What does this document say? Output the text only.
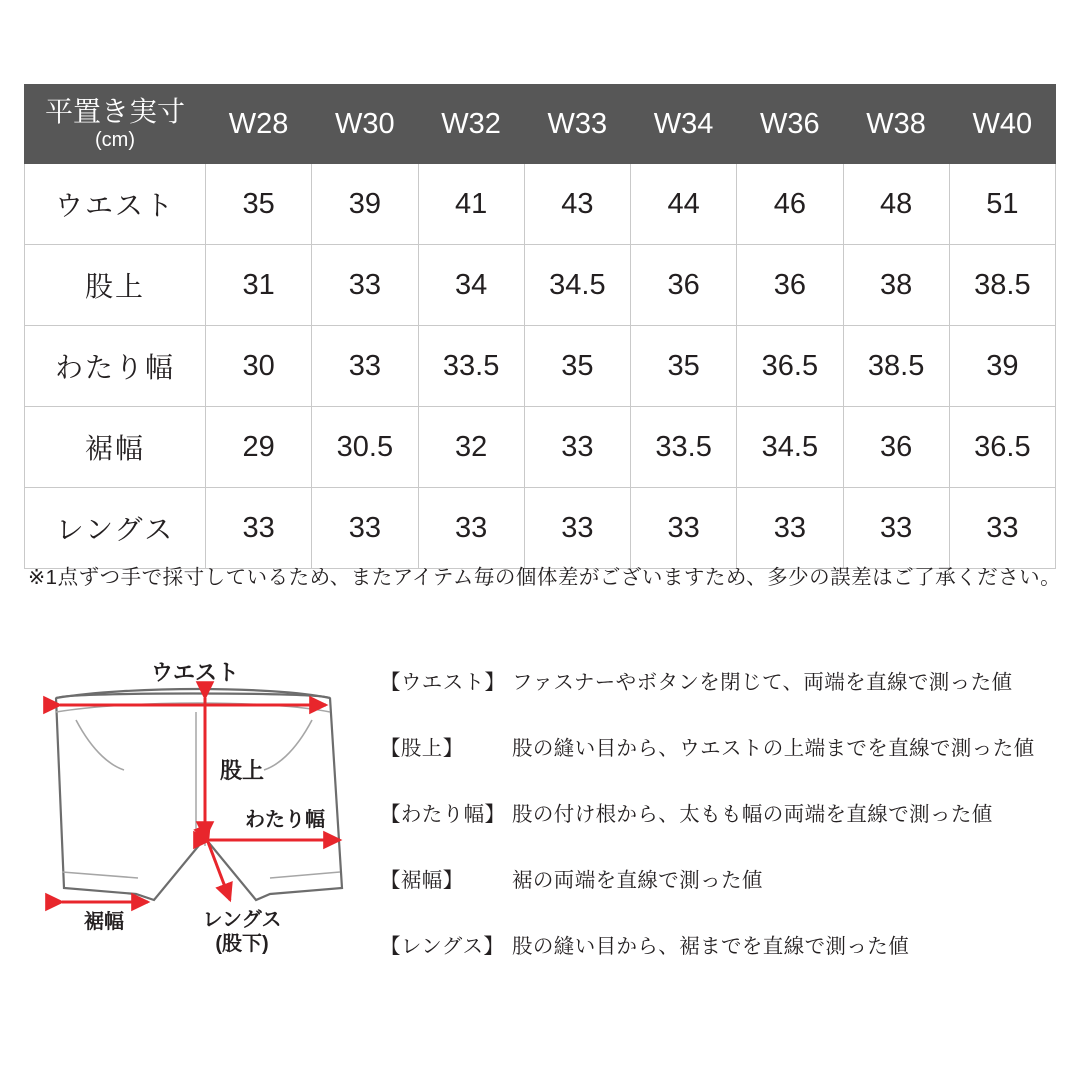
平置き実寸
(cm)	W28	W30	W32	W33	W34	W36	W38	W40
ウエスト	35	39	41	43	44	46	48	51
股上	31	33	34	34.5	36	36	38	38.5
わたり幅	30	33	33.5	35	35	36.5	38.5	39
裾幅	29	30.5	32	33	33.5	34.5	36	36.5
レングス	33	33	33	33	33	33	33	33
※1点ずつ手で採寸しているため、またアイテム毎の個体差がございますため、多少の誤差はご了承ください。
ウエスト
股上
わたり幅
裾幅	レングス
(股下)
【ウエスト】 ファスナーやボタンを閉じて、両端を直線で測った値
【股上】	股の縫い目から、ウエストの上端までを直線で測った値
【わたり幅】 股の付け根から、太もも幅の両端を直線で測った値
【裾幅】	裾の両端を直線で測った値
【レングス】 股の縫い目から、裾までを直線で測った値
